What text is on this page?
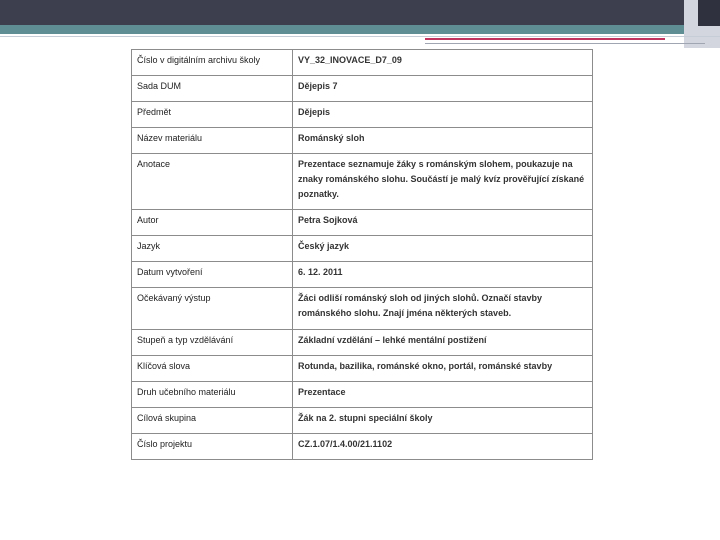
Číslo v digitálním archivu školy	VY_32_INOVACE_D7_09
Sada DUM	Dějepis 7
Předmět	Dějepis
Název materiálu	Románský sloh
Anotace	Prezentace seznamuje žáky s románským slohem, poukazuje na znaky románského slohu. Součástí je malý kvíz prověřující získané poznatky.
Autor	Petra Sojková
Jazyk	Český jazyk
Datum vytvoření	6. 12. 2011
Očekávaný výstup	Žáci odliší románský sloh od jiných slohů. Označí stavby románského slohu. Znají jména některých staveb.
Stupeň a typ vzdělávání	Základní vzdělání – lehké mentální postižení
Klíčová slova	Rotunda, bazilika, románské okno, portál, románské stavby
Druh učebního materiálu	Prezentace
Cílová skupina	Žák na 2. stupni speciální školy
Číslo projektu	CZ.1.07/1.4.00/21.1102
